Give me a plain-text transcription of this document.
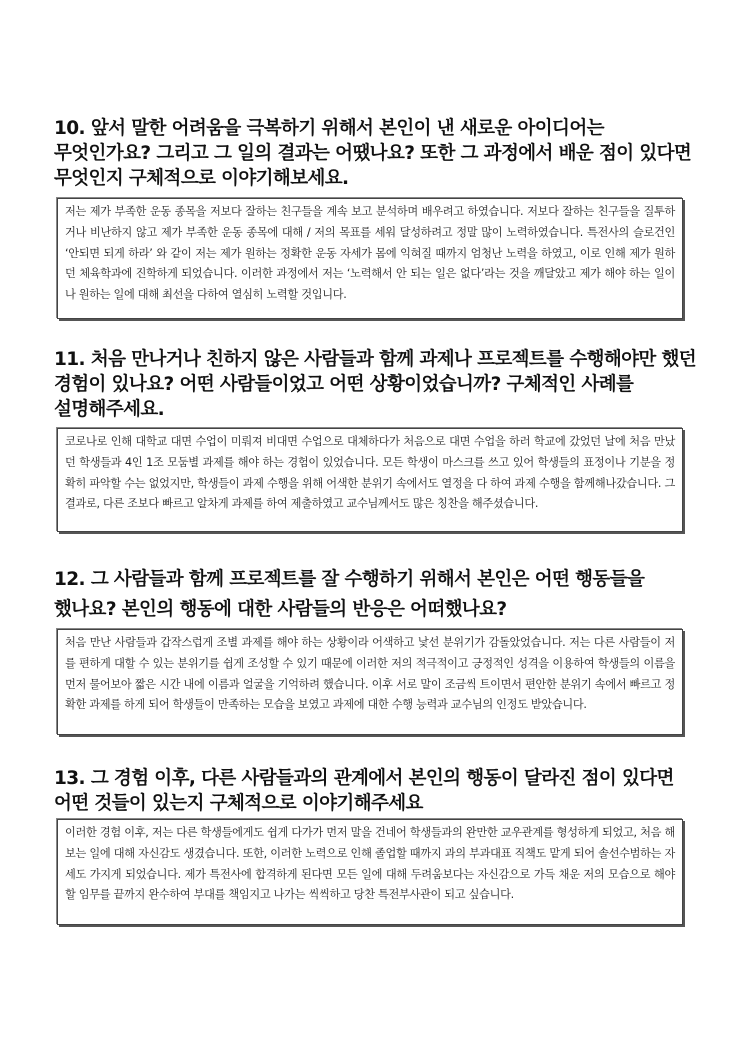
10. 앞서 말한 어려움을 극복하기 위해서 본인이 낸 새로운 아이디어는 무엇인가요? 그리고 그 일의 결과는 어땠나요? 또한 그 과정에서 배운 점이 있다면 무엇인지 구체적으로 이야기해보세요.

저는 제가 부족한 운동 종목을 저보다 잘하는 친구들을 계속 보고 분석하며 배우려고 하였습니다. 저보다 잘하는 친구들을 질투하거나 비난하지 않고 제가 부족한 운동 종목에 대해 / 저의 목표를 세워 달성하려고 정말 많이 노력하였습니다. 특전사의 슬로건인 ‘안되면 되게 하라’ 와 같이 저는 제가 원하는 정확한 운동 자세가 몸에 익혀질 때까지 엄청난 노력을 하였고, 이로 인해 제가 원하던 체육학과에 진학하게 되었습니다. 이러한 과정에서 저는 ‘노력해서 안 되는 일은 없다’라는 것을 깨달았고 제가 해야 하는 일이나 원하는 일에 대해 최선을 다하여 열심히 노력할 것입니다.

11. 처음 만나거나 친하지 않은 사람들과 함께 과제나 프로젝트를 수행해야만 했던 경험이 있나요? 어떤 사람들이었고 어떤 상황이었습니까? 구체적인 사례를 설명해주세요.

코로나로 인해 대학교 대면 수업이 미뤄져 비대면 수업으로 대체하다가 처음으로 대면 수업을 하러 학교에 갔었던 날에 처음 만났던 학생들과 4인 1조 모둠별 과제를 해야 하는 경험이 있었습니다. 모든 학생이 마스크를 쓰고 있어 학생들의 표정이나 기분을 정확히 파악할 수는 없었지만, 학생들이 과제 수행을 위해 어색한 분위기 속에서도 열정을 다 하여 과제 수행을 함께해나갔습니다. 그 결과로, 다른 조보다 빠르고 알차게 과제를 하여 제출하였고 교수님께서도 많은 칭찬을 해주셨습니다.

12. 그 사람들과 함께 프로젝트를 잘 수행하기 위해서 본인은 어떤 행동들을 했나요? 본인의 행동에 대한 사람들의 반응은 어떠했나요?

처음 만난 사람들과 갑작스럽게 조별 과제를 해야 하는 상황이라 어색하고 낯선 분위기가 감돌았었습니다. 저는 다른 사람들이 저를 편하게 대할 수 있는 분위기를 쉽게 조성할 수 있기 때문에 이러한 저의 적극적이고 긍정적인 성격을 이용하여 학생들의 이름을 먼저 물어보아 짧은 시간 내에 이름과 얼굴을 기억하려 했습니다. 이후 서로 말이 조금씩 트이면서 편안한 분위기 속에서 빠르고 정확한 과제를 하게 되어 학생들이 만족하는 모습을 보였고 과제에 대한 수행 능력과 교수님의 인정도 받았습니다.

13. 그 경험 이후, 다른 사람들과의 관계에서 본인의 행동이 달라진 점이 있다면 어떤 것들이 있는지 구체적으로 이야기해주세요

이러한 경험 이후, 저는 다른 학생들에게도 쉽게 다가가 먼저 말을 건네어 학생들과의 완만한 교우관계를 형성하게 되었고, 처음 해보는 일에 대해 자신감도 생겼습니다. 또한, 이러한 노력으로 인해 졸업할 때까지 과의 부과대표 직책도 맡게 되어 솔선수범하는 자세도 가지게 되었습니다. 제가 특전사에 합격하게 된다면 모든 일에 대해 두려움보다는 자신감으로 가득 채운 저의 모습으로 해야 할 임무를 끝까지 완수하여 부대를 책임지고 나가는 씩씩하고 당찬 특전부사관이 되고 싶습니다.
